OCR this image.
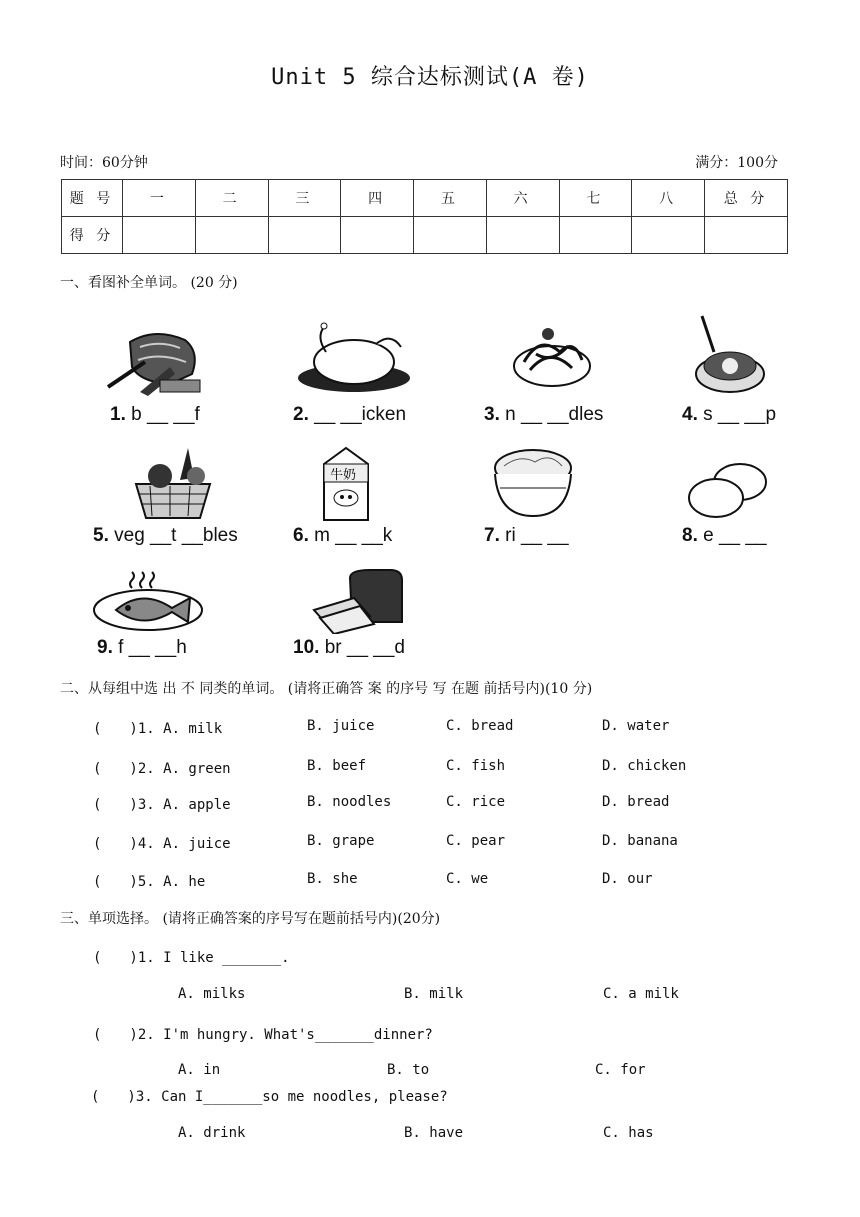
Unit 5 综合达标测试(A 卷)
时间：60分钟	满分：100分
题 号	一	二	三	四	五	六	七	八	总 分
得 分									
一、看图补全单词。 (20 分)
1. b __ __f	2. __ __icken	3. n __ __dles	4. s __ __p
牛奶
5. veg __t __bles	6. m __ __k	7. ri __ __	8. e __ __
9. f __ __h	10. br __ __d
二、从每组中选 出 不 同类的单词。 (请将正确答 案 的序号 写 在题 前括号内)(10 分)
(　　)1. A. milk	B. juice	C. bread	D. water
(　　)2. A. green	B. beef	C. fish	D. chicken
(　　)3. A. apple	B. noodles	C. rice	D. bread
(　　)4. A. juice	B. grape	C. pear	D. banana
(　　)5. A. he	B. she	C. we	D. our
三、单项选择。 (请将正确答案的序号写在题前括号内)(20分)
(　　)1. I like _______.
A. milks	B. milk	C. a milk
(　　)2. I'm hungry. What's_______dinner?
A. in	B. to	C. for
(　　)3. Can I_______so me noodles, please?
A. drink	B. have	C. has
